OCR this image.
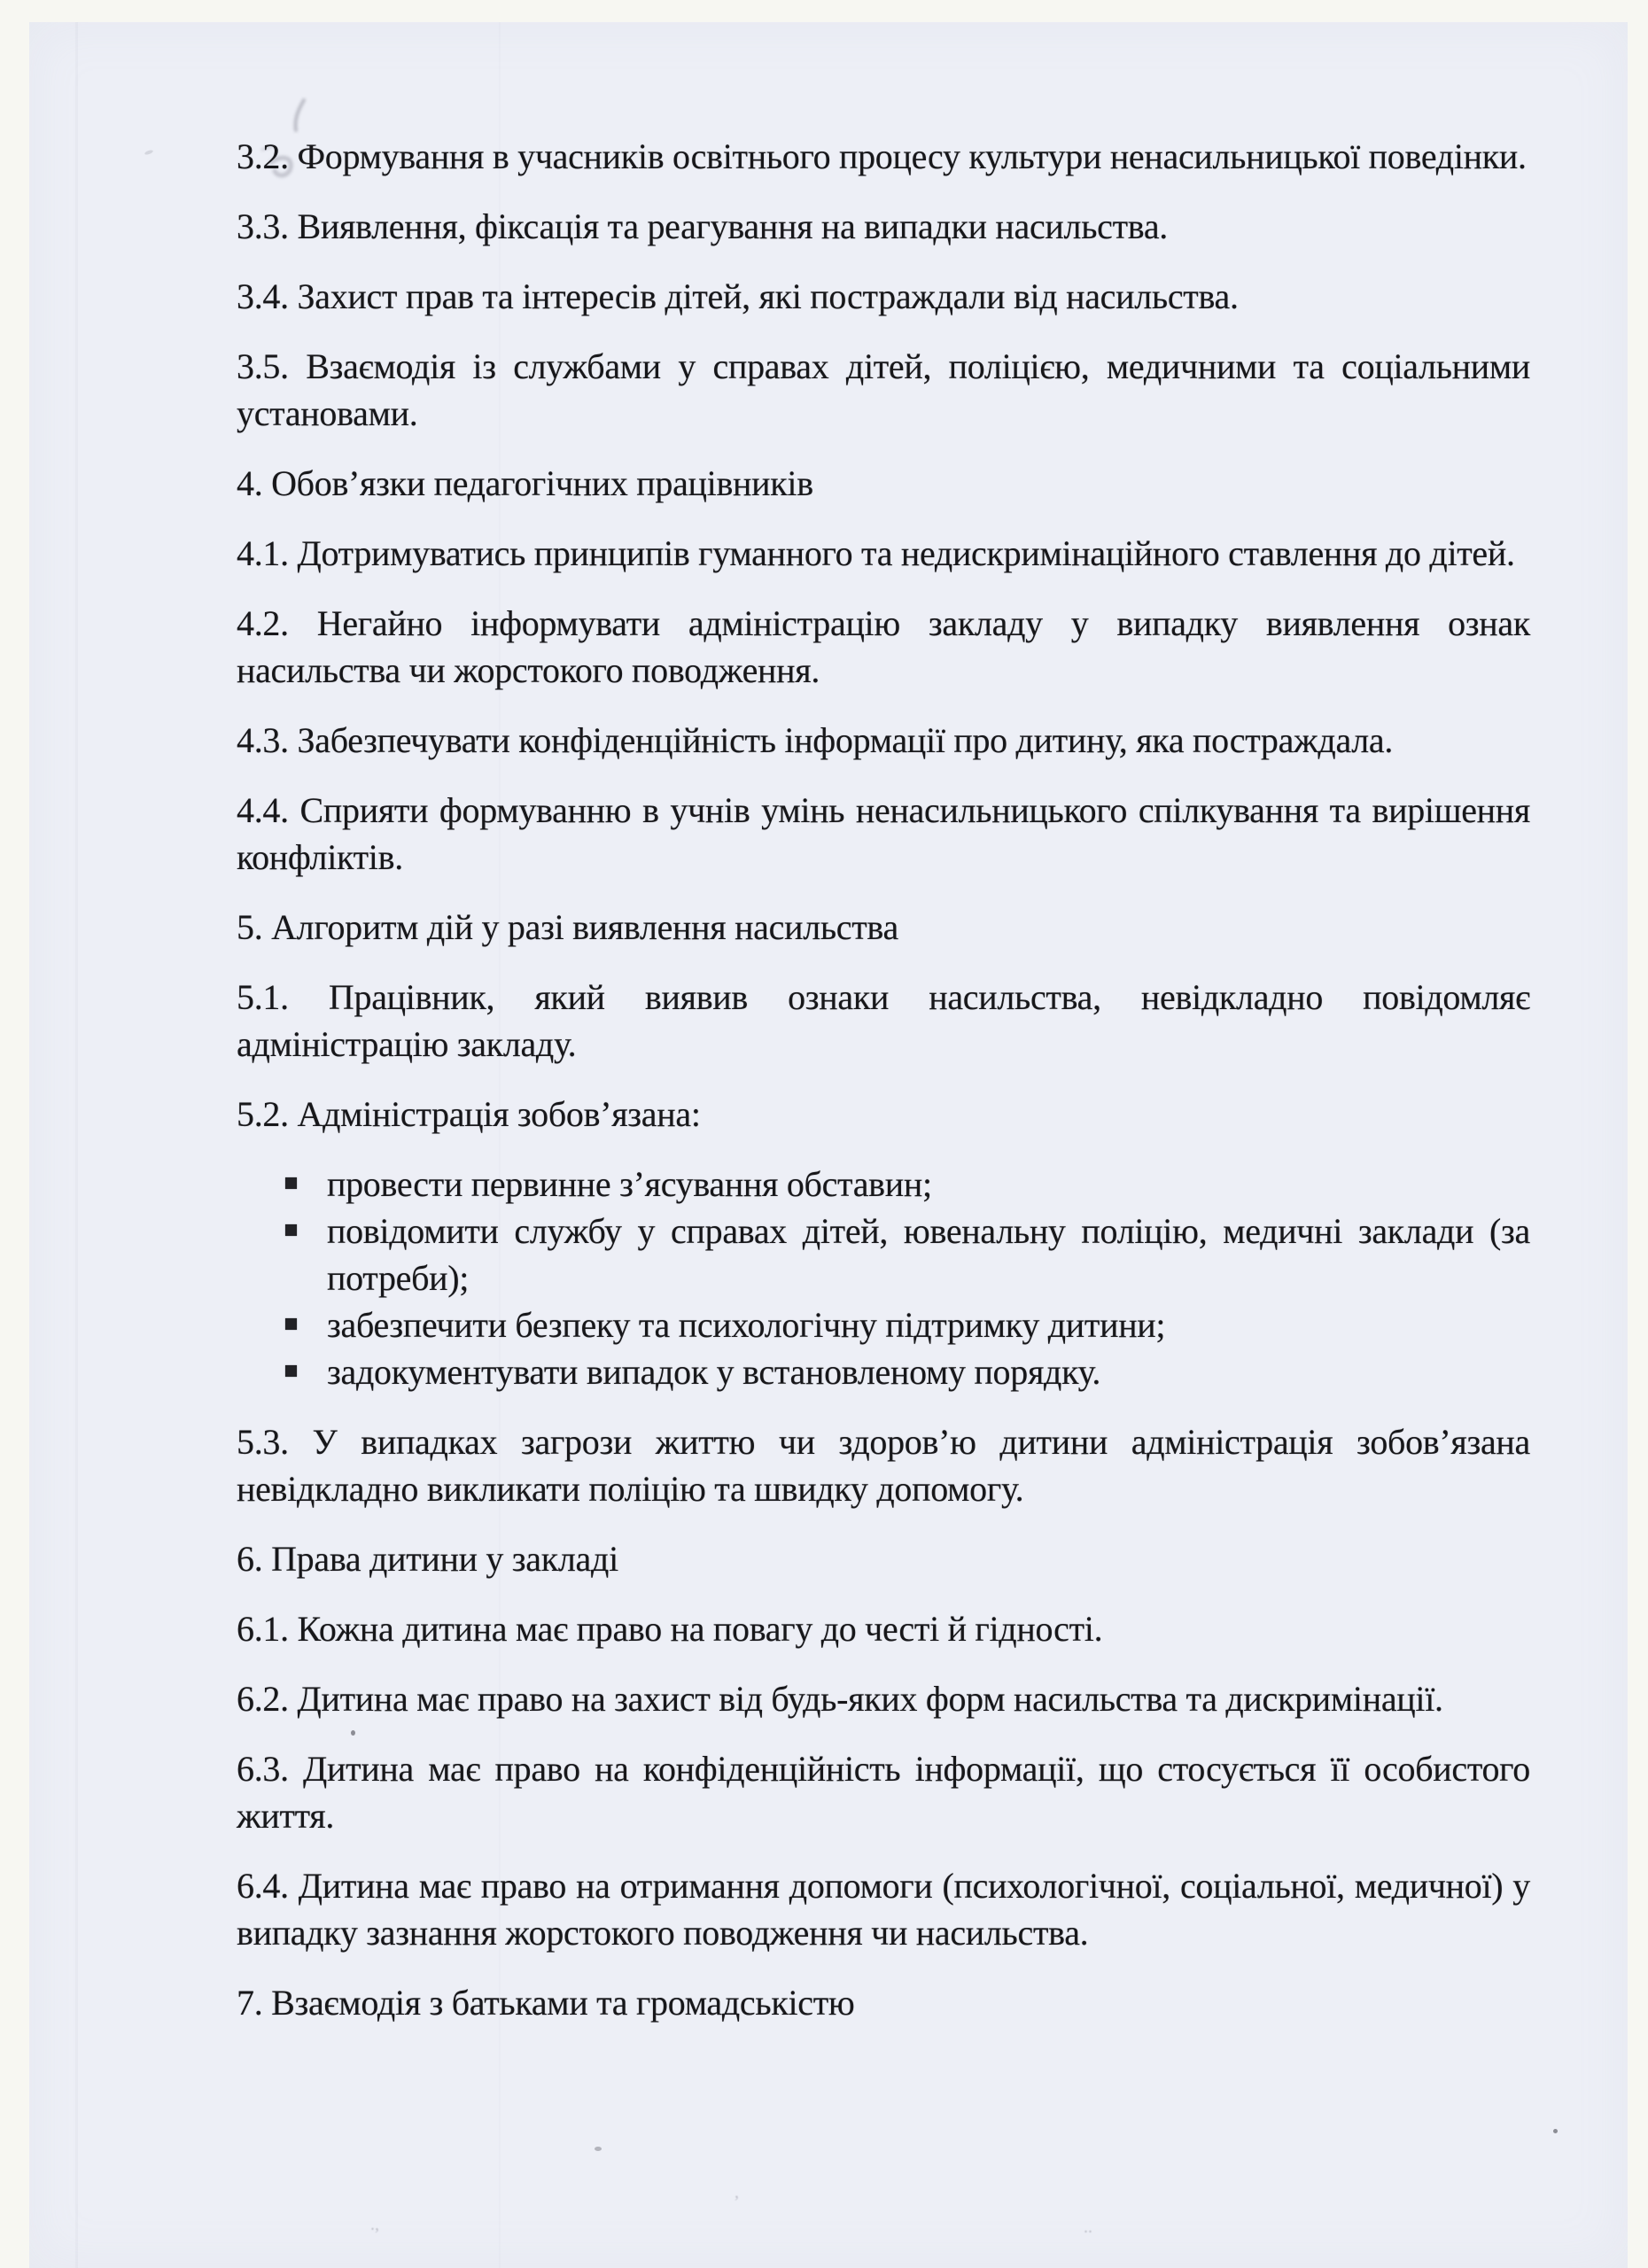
.,
ʼ
..

3.2. Формування в учасників освітнього процесу культури ненасильницької поведінки.

3.3. Виявлення, фіксація та реагування на випадки насильства.

3.4. Захист прав та інтересів дітей, які постраждали від насильства.

3.5. Взаємодія із службами у справах дітей, поліцією, медичними та соціальними установами.

4. Обов’язки педагогічних працівників

4.1. Дотримуватись принципів гуманного та недискримінаційного ставлення до дітей.

4.2. Негайно інформувати адміністрацію закладу у випадку виявлення ознак насильства чи жорстокого поводження.

4.3. Забезпечувати конфіденційність інформації про дитину, яка постраждала.

4.4. Сприяти формуванню в учнів умінь ненасильницького спілкування та вирішення конфліктів.

5. Алгоритм дій у разі виявлення насильства

5.1. Працівник, який виявив ознаки насильства, невідкладно повідомляє адміністрацію закладу.

5.2. Адміністрація зобов’язана:

провести первинне з’ясування обставин;
повідомити службу у справах дітей, ювенальну поліцію, медичні заклади (за потреби);
забезпечити безпеку та психологічну підтримку дитини;
задокументувати випадок у встановленому порядку.

5.3. У випадках загрози життю чи здоров’ю дитини адміністрація зобов’язана невідкладно викликати поліцію та швидку допомогу.

6. Права дитини у закладі

6.1. Кожна дитина має право на повагу до честі й гідності.

6.2. Дитина має право на захист від будь-яких форм насильства та дискримінації.

6.3. Дитина має право на конфіденційність інформації, що стосується її особистого життя.

6.4. Дитина має право на отримання допомоги (психологічної, соціальної, медичної) у випадку зазнання жорстокого поводження чи насильства.

7. Взаємодія з батьками та громадськістю
